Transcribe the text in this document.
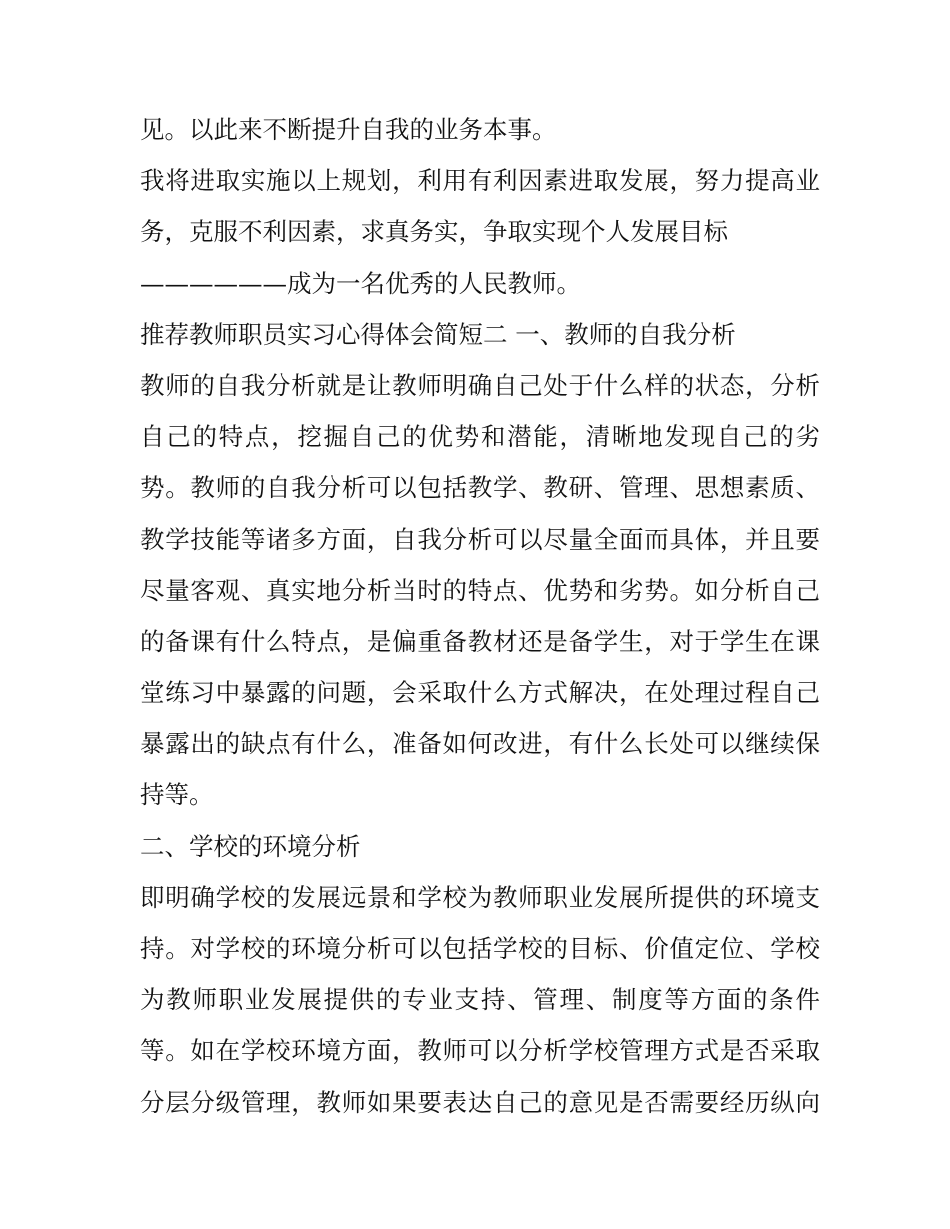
见。以此来不断提升自我的业务本事。
我将进取实施以上规划，利用有利因素进取发展，努力提高业
务，克服不利因素，求真务实，争取实现个人发展目标
——————成为一名优秀的人民教师。
推荐教师职员实习心得体会简短二 一、教师的自我分析
教师的自我分析就是让教师明确自己处于什么样的状态，分析
自己的特点，挖掘自己的优势和潜能，清晰地发现自己的劣
势。教师的自我分析可以包括教学、教研、管理、思想素质、
教学技能等诸多方面，自我分析可以尽量全面而具体，并且要
尽量客观、真实地分析当时的特点、优势和劣势。如分析自己
的备课有什么特点，是偏重备教材还是备学生，对于学生在课
堂练习中暴露的问题，会采取什么方式解决，在处理过程自己
暴露出的缺点有什么，准备如何改进，有什么长处可以继续保
持等。
二、学校的环境分析
即明确学校的发展远景和学校为教师职业发展所提供的环境支
持。对学校的环境分析可以包括学校的目标、价值定位、学校
为教师职业发展提供的专业支持、管理、制度等方面的条件
等。如在学校环境方面，教师可以分析学校管理方式是否采取
分层分级管理，教师如果要表达自己的意见是否需要经历纵向
